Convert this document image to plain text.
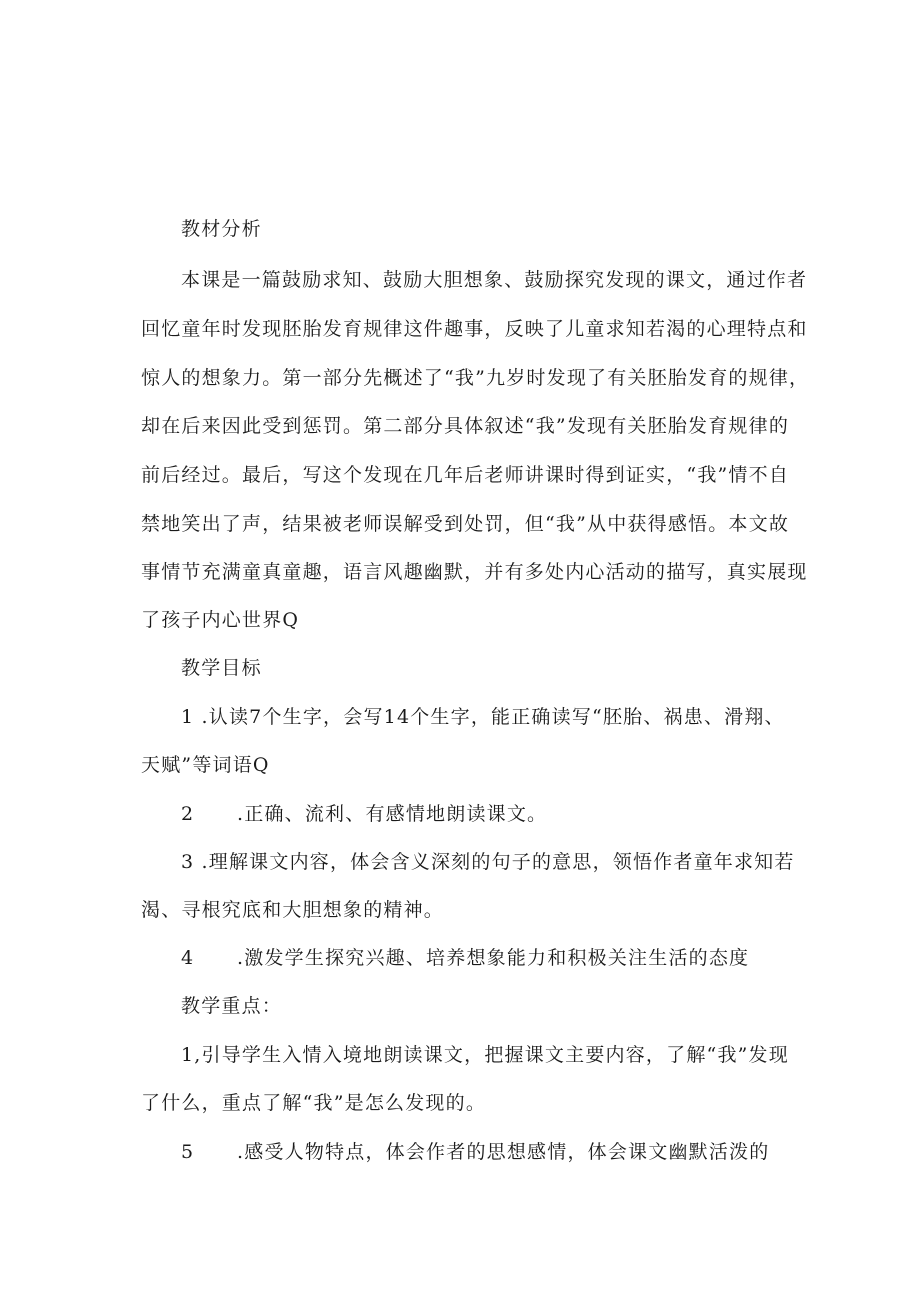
教材分析
本课是一篇鼓励求知、鼓励大胆想象、鼓励探究发现的课文，通过作者
回忆童年时发现胚胎发育规律这件趣事，反映了儿童求知若渴的心理特点和
惊人的想象力。第一部分先概述了“我”九岁时发现了有关胚胎发育的规律，
却在后来因此受到惩罚。第二部分具体叙述“我”发现有关胚胎发育规律的
前后经过。最后，写这个发现在几年后老师讲课时得到证实，“我”情不自
禁地笑出了声，结果被老师误解受到处罚，但“我”从中获得感悟。本文故
事情节充满童真童趣，语言风趣幽默，并有多处内心活动的描写，真实展现
了孩子内心世界Q
教学目标
1 .认读7个生字，会写14个生字，能正确读写“胚胎、祸患、滑翔、
天赋”等词语Q
2 .正确、流利、有感情地朗读课文。
3 .理解课文内容，体会含义深刻的句子的意思，领悟作者童年求知若
渴、寻根究底和大胆想象的精神。
4 .激发学生探究兴趣、培养想象能力和积极关注生活的态度
教学重点：
1,引导学生入情入境地朗读课文，把握课文主要内容，了解“我”发现
了什么，重点了解“我”是怎么发现的。
5 .感受人物特点，体会作者的思想感情，体会课文幽默活泼的
